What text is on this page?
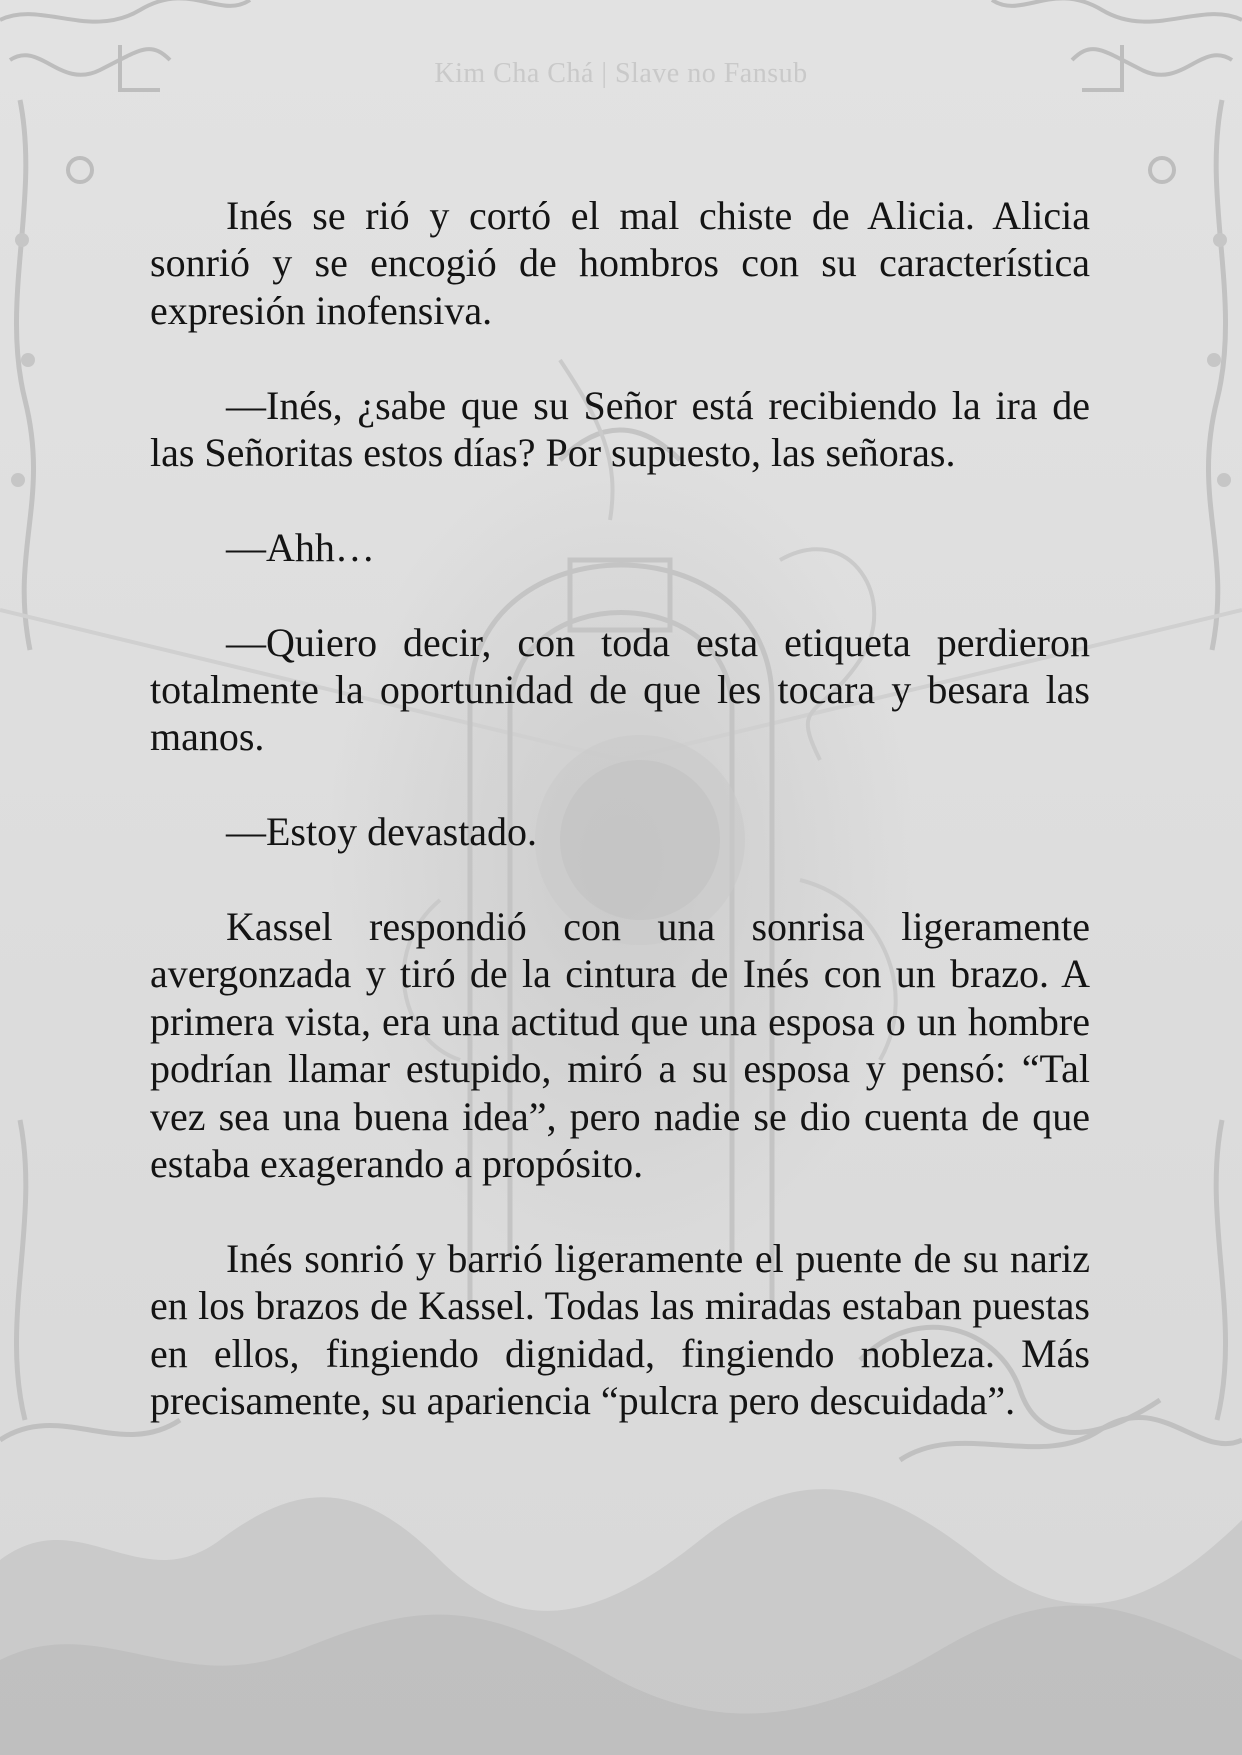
Kim Cha Chá | Slave no Fansub

Inés se rió y cortó el mal chiste de Alicia. Alicia sonrió y se encogió de hombros con su característica expresión inofensiva.

—Inés, ¿sabe que su Señor está recibiendo la ira de las Señoritas estos días? Por supuesto, las señoras.

—Ahh…

—Quiero decir, con toda esta etiqueta perdieron totalmente la oportunidad de que les tocara y besara las manos.

—Estoy devastado.

Kassel respondió con una sonrisa ligeramente avergonzada y tiró de la cintura de Inés con un brazo. A primera vista, era una actitud que una esposa o un hombre podrían llamar estupido, miró a su esposa y pensó: “Tal vez sea una buena idea”, pero nadie se dio cuenta de que estaba exagerando a propósito.

Inés sonrió y barrió ligeramente el puente de su nariz en los brazos de Kassel. Todas las miradas estaban puestas en ellos, fingiendo dignidad, fingiendo nobleza. Más precisamente, su apariencia “pulcra pero descuidada”.
